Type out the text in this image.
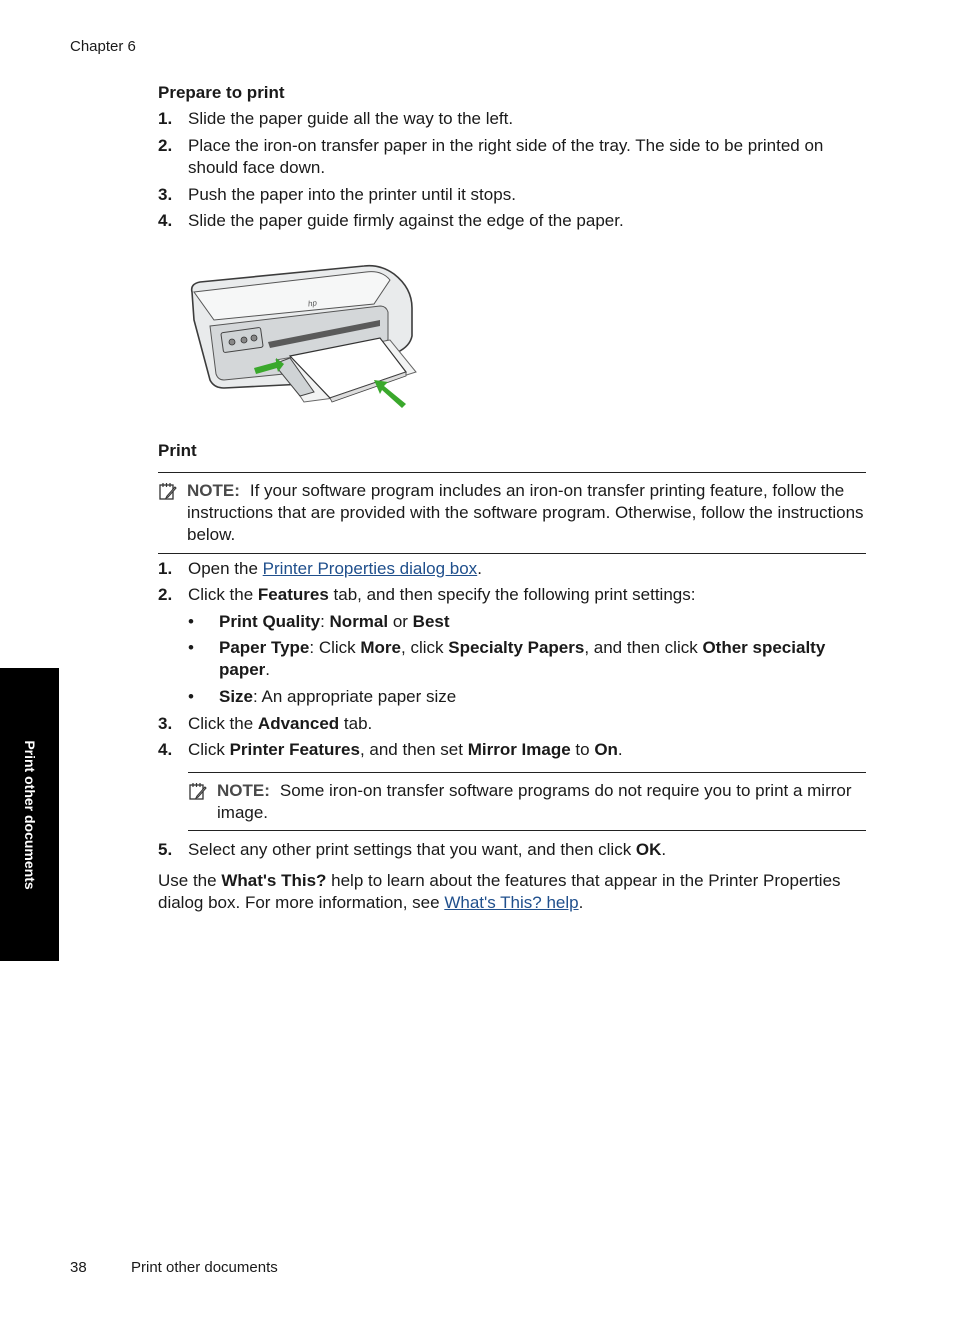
Chapter 6
Prepare to print
1. Slide the paper guide all the way to the left.
2. Place the iron-on transfer paper in the right side of the tray. The side to be printed on should face down.
3. Push the paper into the printer until it stops.
4. Slide the paper guide firmly against the edge of the paper.
hp
Print
NOTE: If your software program includes an iron-on transfer printing feature, follow the instructions that are provided with the software program. Otherwise, follow the instructions below.
1. Open the Printer Properties dialog box.
2. Click the Features tab, and then specify the following print settings:
• Print Quality: Normal or Best
• Paper Type: Click More, click Specialty Papers, and then click Other specialty paper.
• Size: An appropriate paper size
3. Click the Advanced tab.
4. Click Printer Features, and then set Mirror Image to On.
NOTE: Some iron-on transfer software programs do not require you to print a mirror image.
5. Select any other print settings that you want, and then click OK.
Use the What's This? help to learn about the features that appear in the Printer Properties dialog box. For more information, see What's This? help.
Print other documents
38	Print other documents
